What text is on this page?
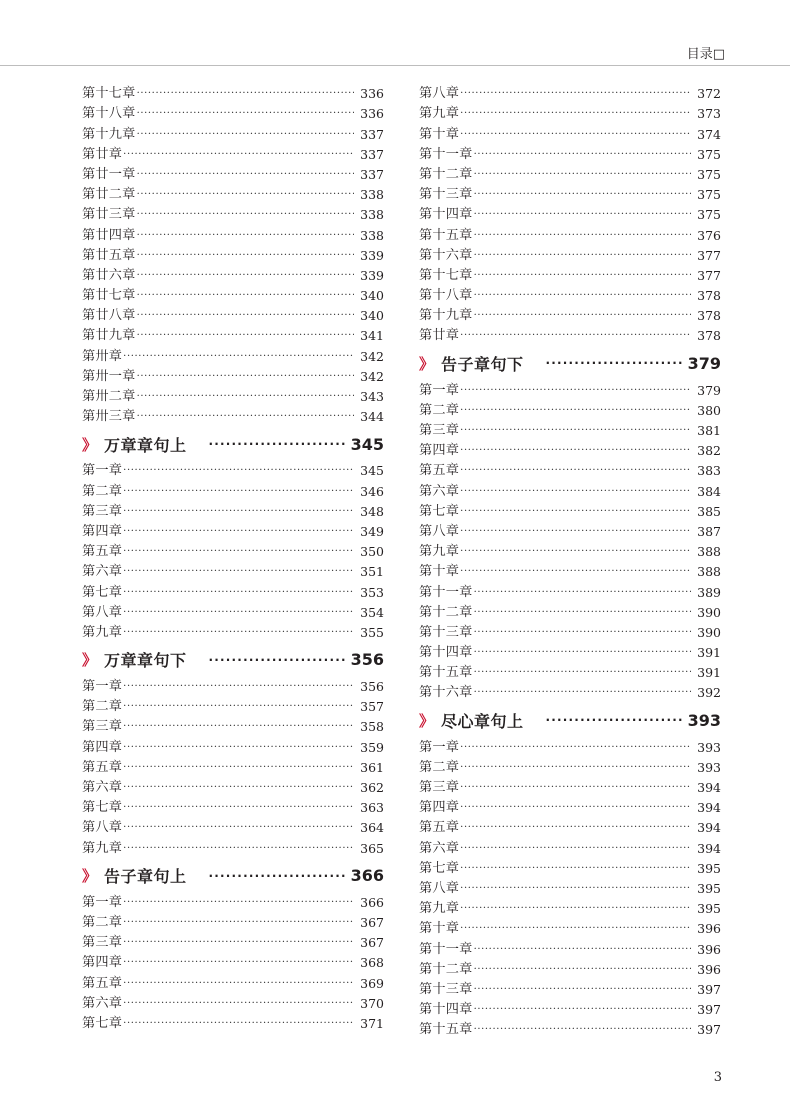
目录□
第十七章 ·····	336
第十八章 ·····	336
第十九章 ·····	337
第廿章 ·····	337
第廿一章 ·····	337
第廿二章 ·····	338
第廿三章 ·····	338
第廿四章 ·····	338
第廿五章 ·····	339
第廿六章 ·····	339
第廿七章 ·····	340
第廿八章 ·····	340
第廿九章 ·····	341
第卅章 ·····	342
第卅一章 ·····	342
第卅二章 ·····	343
第卅三章 ·····	344
》 万章章句上 ·····	345
第一章 ·····	345
第二章 ·····	346
第三章 ·····	348
第四章 ·····	349
第五章 ·····	350
第六章 ·····	351
第七章 ·····	353
第八章 ·····	354
第九章 ·····	355
》 万章章句下 ·····	356
第一章 ·····	356
第二章 ·····	357
第三章 ·····	358
第四章 ·····	359
第五章 ·····	361
第六章 ·····	362
第七章 ·····	363
第八章 ·····	364
第九章 ·····	365
》 告子章句上 ·····	366
第一章 ·····	366
第二章 ·····	367
第三章 ·····	367
第四章 ·····	368
第五章 ·····	369
第六章 ·····	370
第七章 ·····	371
第八章 ·····	372
第九章 ·····	373
第十章 ·····	374
第十一章 ·····	375
第十二章 ·····	375
第十三章 ·····	375
第十四章 ·····	375
第十五章 ·····	376
第十六章 ·····	377
第十七章 ·····	377
第十八章 ·····	378
第十九章 ·····	378
第廿章 ·····	378
》 告子章句下 ·····	379
第一章 ·····	379
第二章 ·····	380
第三章 ·····	381
第四章 ·····	382
第五章 ·····	383
第六章 ·····	384
第七章 ·····	385
第八章 ·····	387
第九章 ·····	388
第十章 ·····	388
第十一章 ·····	389
第十二章 ·····	390
第十三章 ·····	390
第十四章 ·····	391
第十五章 ·····	391
第十六章 ·····	392
》 尽心章句上 ·····	393
第一章 ·····	393
第二章 ·····	393
第三章 ·····	394
第四章 ·····	394
第五章 ·····	394
第六章 ·····	394
第七章 ·····	395
第八章 ·····	395
第九章 ·····	395
第十章 ·····	396
第十一章 ·····	396
第十二章 ·····	396
第十三章 ·····	397
第十四章 ·····	397
第十五章 ·····	397
3
